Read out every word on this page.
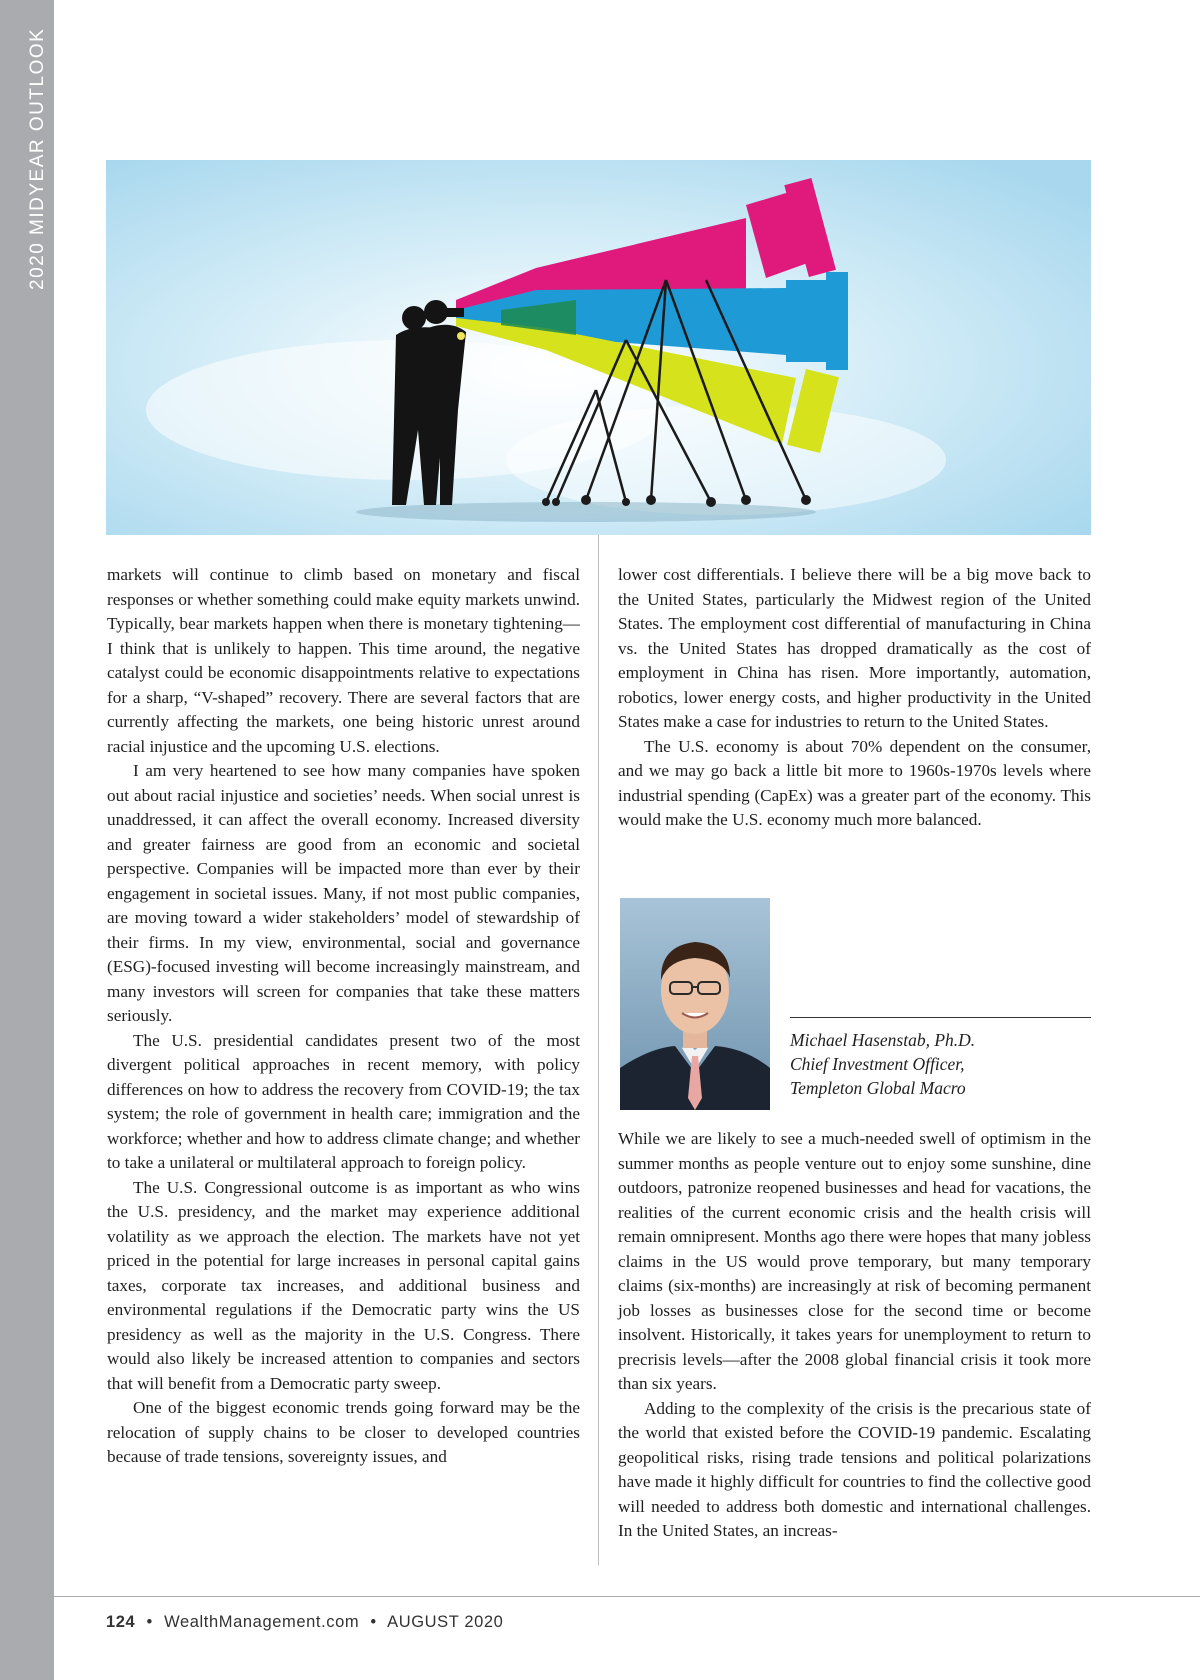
2020 MIDYEAR OUTLOOK

markets will continue to climb based on monetary and fiscal responses or whether something could make equity markets unwind. Typically, bear markets happen when there is monetary tightening—I think that is unlikely to happen. This time around, the negative catalyst could be economic disappointments relative to expectations for a sharp, “V-shaped” recovery. There are several factors that are currently affecting the markets, one being historic unrest around racial injustice and the upcoming U.S. elections.

I am very heartened to see how many companies have spoken out about racial injustice and societies’ needs. When social unrest is unaddressed, it can affect the overall economy. Increased diversity and greater fairness are good from an economic and societal perspective. Companies will be impacted more than ever by their engagement in societal issues. Many, if not most public companies, are moving toward a wider stakeholders’ model of stewardship of their firms. In my view, environmental, social and governance (ESG)-focused investing will become increasingly mainstream, and many investors will screen for companies that take these matters seriously.

The U.S. presidential candidates present two of the most divergent political approaches in recent memory, with policy differences on how to address the recovery from COVID-19; the tax system; the role of government in health care; immigration and the workforce; whether and how to address climate change; and whether to take a unilateral or multilateral approach to foreign policy.

The U.S. Congressional outcome is as important as who wins the U.S. presidency, and the market may experience additional volatility as we approach the election. The markets have not yet priced in the potential for large increases in personal capital gains taxes, corporate tax increases, and additional business and environmental regulations if the Democratic party wins the US presidency as well as the majority in the U.S. Congress. There would also likely be increased attention to companies and sectors that will benefit from a Democratic party sweep.

One of the biggest economic trends going forward may be the relocation of supply chains to be closer to developed countries because of trade tensions, sovereignty issues, and

lower cost differentials. I believe there will be a big move back to the United States, particularly the Midwest region of the United States. The employment cost differential of manufacturing in China vs. the United States has dropped dramatically as the cost of employment in China has risen. More importantly, automation, robotics, lower energy costs, and higher productivity in the United States make a case for industries to return to the United States.

The U.S. economy is about 70% dependent on the consumer, and we may go back a little bit more to 1960s-1970s levels where industrial spending (CapEx) was a greater part of the economy. This would make the U.S. economy much more balanced.

Michael Hasenstab, Ph.D.
Chief Investment Officer,
Templeton Global Macro

While we are likely to see a much-needed swell of optimism in the summer months as people venture out to enjoy some sunshine, dine outdoors, patronize reopened businesses and head for vacations, the realities of the current economic crisis and the health crisis will remain omnipresent. Months ago there were hopes that many jobless claims in the US would prove temporary, but many temporary claims (six-months) are increasingly at risk of becoming permanent job losses as businesses close for the second time or become insolvent. Historically, it takes years for unemployment to return to precrisis levels—after the 2008 global financial crisis it took more than six years.

Adding to the complexity of the crisis is the precarious state of the world that existed before the COVID-19 pandemic. Escalating geopolitical risks, rising trade tensions and political polarizations have made it highly difficult for countries to find the collective good will needed to address both domestic and international challenges. In the United States, an increas-

124 • WealthManagement.com • AUGUST 2020
